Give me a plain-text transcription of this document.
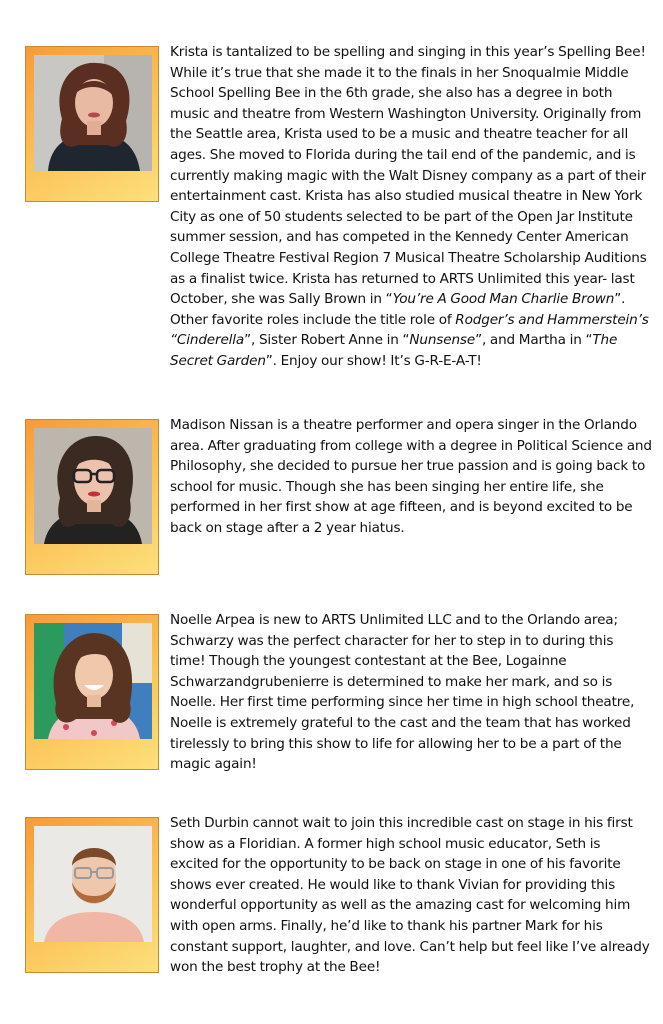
Krista is tantalized to be spelling and singing in this year’s Spelling Bee! While it’s true that she made it to the finals in her Snoqualmie Middle School Spelling Bee in the 6th grade, she also has a degree in both music and theatre from Western Washington University. Originally from the Seattle area, Krista used to be a music and theatre teacher for all ages. She moved to Florida during the tail end of the pandemic, and is currently making magic with the Walt Disney company as a part of their entertainment cast. Krista has also studied musical theatre in New York City as one of 50 students selected to be part of the Open Jar Institute summer session, and has competed in the Kennedy Center American College Theatre Festival Region 7 Musical Theatre Scholarship Auditions as a finalist twice. Krista has returned to ARTS Unlimited this year- last October, she was Sally Brown in “You’re A Good Man Charlie Brown”. Other favorite roles include the title role of Rodger’s and Hammerstein’s “Cinderella”, Sister Robert Anne in “Nunsense”, and Martha in “The Secret Garden”. Enjoy our show! It’s G-R-E-A-T!

Madison Nissan is a theatre performer and opera singer in the Orlando area. After graduating from college with a degree in Political Science and Philosophy, she decided to pursue her true passion and is going back to school for music. Though she has been singing her entire life, she performed in her first show at age fifteen, and is beyond excited to be back on stage after a 2 year hiatus.

Noelle Arpea is new to ARTS Unlimited LLC and to the Orlando area; Schwarzy was the perfect character for her to step in to during this time! Though the youngest contestant at the Bee, Logainne Schwarzandgrubenierre is determined to make her mark, and so is Noelle. Her first time performing since her time in high school theatre, Noelle is extremely grateful to the cast and the team that has worked tirelessly to bring this show to life for allowing her to be a part of the magic again!

Seth Durbin cannot wait to join this incredible cast on stage in his first show as a Floridian. A former high school music educator, Seth is excited for the opportunity to be back on stage in one of his favorite shows ever created. He would like to thank Vivian for providing this wonderful opportunity as well as the amazing cast for welcoming him with open arms. Finally, he’d like to thank his partner Mark for his constant support, laughter, and love. Can’t help but feel like I’ve already won the best trophy at the Bee!
